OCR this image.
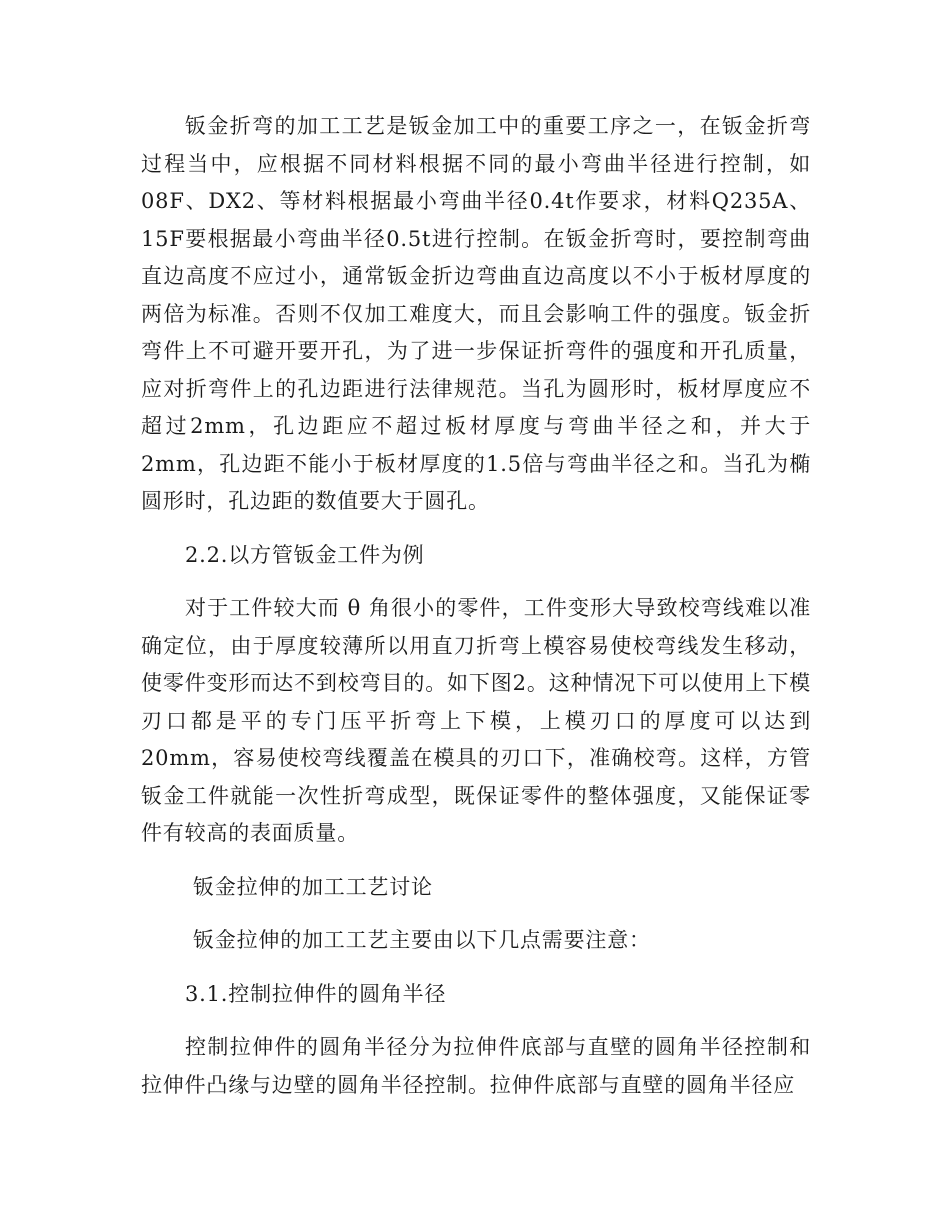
钣金折弯的加工工艺是钣金加工中的重要工序之一，在钣金折弯过程当中，应根据不同材料根据不同的最小弯曲半径进行控制，如08F、DX2、等材料根据最小弯曲半径0.4t作要求，材料Q235A、15F要根据最小弯曲半径0.5t进行控制。在钣金折弯时，要控制弯曲直边高度不应过小，通常钣金折边弯曲直边高度以不小于板材厚度的两倍为标准。否则不仅加工难度大，而且会影响工件的强度。钣金折弯件上不可避开要开孔，为了进一步保证折弯件的强度和开孔质量，应对折弯件上的孔边距进行法律规范。当孔为圆形时，板材厚度应不超过2mm，孔边距应不超过板材厚度与弯曲半径之和，并大于2mm，孔边距不能小于板材厚度的1.5倍与弯曲半径之和。当孔为椭圆形时，孔边距的数值要大于圆孔。

2.2.以方管钣金工件为例

对于工件较大而 θ 角很小的零件，工件变形大导致校弯线难以准确定位，由于厚度较薄所以用直刀折弯上模容易使校弯线发生移动，使零件变形而达不到校弯目的。如下图2。这种情况下可以使用上下模刃口都是平的专门压平折弯上下模，上模刃口的厚度可以达到20mm，容易使校弯线覆盖在模具的刃口下，准确校弯。这样，方管钣金工件就能一次性折弯成型，既保证零件的整体强度，又能保证零件有较高的表面质量。

钣金拉伸的加工工艺讨论

钣金拉伸的加工工艺主要由以下几点需要注意：

3.1.控制拉伸件的圆角半径

控制拉伸件的圆角半径分为拉伸件底部与直壁的圆角半径控制和拉伸件凸缘与边壁的圆角半径控制。拉伸件底部与直壁的圆角半径应
